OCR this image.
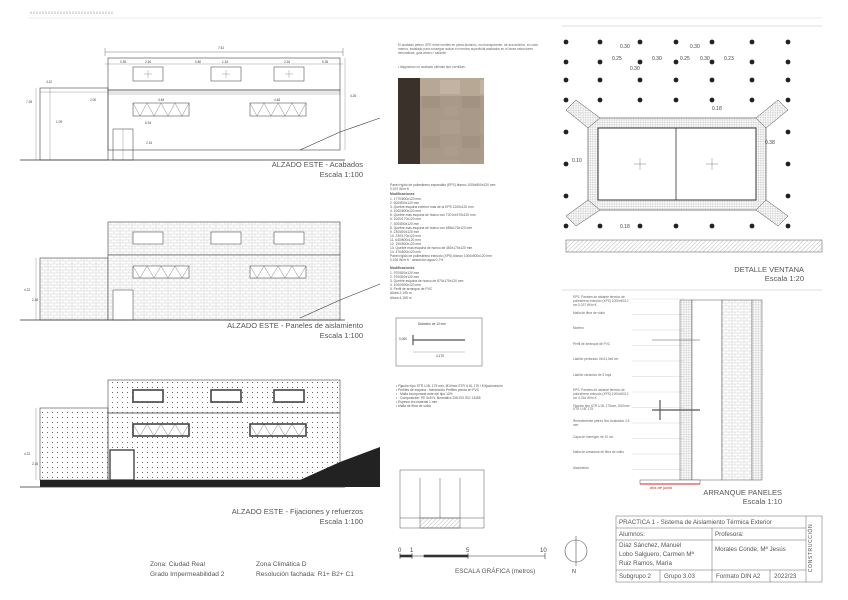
0 0 0 0 0 0 0 0 0 0 0 0 0 0 0 0 0 0 0 0 0 0 0 0 0 0 0 0
7.61
0.35	2.16	0.80	1.34	2.16	0.35
4.22
2.00
7.28
1.09
4.48	4.48
6.34
2.15
4.26
4.22
2.16
4.22
2.16
ALZADO ESTE - Acabados
Escala 1:100
ALZADO ESTE - Paneles de aislamiento
Escala 1:100
ALZADO ESTE - Fijaciones y refuerzos
Escala 1:100
Zona: Ciudad Real
Grado Impermeabilidad 2
Zona Climática D
Resolución fachada: R1+ B2+ C1
El acabado pétreo GPE entre nenfies en pieza aluminio, mol transparente, de aca anterior, en color marrus, instalado para conseguir actuar en nenhns superficial acabados en el lanes estructures decorativas, guía ahorro / saliente
• Asignamos un acabado ultimato tipo nornillorn.
Panel rígido de poliestireno expandido (EPS) blanco 1000x500x120 mm
0,037 W/m·K
Modificaciones
1. 1770/800x120 mm
2. 600/800x120 mm
3. Quebre esquina exterior mas de la EPS 1200x120 mm
4. 1000/800x120 mm
5. Quebre mas esquina de hueco con 700 kit 670x120 mm
6. 1000/170x120 mm
7. 300/800x120 mm
8. Quebre mas esquina de hueco con 685x170x120 mm
9. 230/800x120 mm
10. 230/170x120 mm
11. 640/800x120 mm
12. 190/800x120 mm
13. Quebre mas esquina de hueco de 460x170x120 mm
14. 470/800x120 mm
Panel rígido de poliestireno extruido (XPS) blanco 1000x500x120 mm
0,034 W/m·K · absorción agua 0,7%
Modificaciones
1. 970/800x120 mm
2. 970/500x120 mm
3. Quebre esquina de hueco de 870x170x120 mm
4. 1000/500x120 mm
5. Perfil de arranque de PVC
Altura 2,155 m
Altura 4,155 m
Diámetro de 10 mm
0,060
0.175
• Fijación tipo STR U 8L 175 mm, Ø10mm STR U 8L 175 / 8 fijaciones/m²
• Perfiles de esquina - fabricación Perfiles pelota en PVC
• · Malla incorporada ante del tipo 10%
• · Composición: PE 5x5 N, Normativo DIN EN ISO 13455
• Espesor tec.material 1 mm
• Malla de fibra de vidrio
0 1	5	10
ESCALA GRÁFICA (metros)	N
0.30	0.30
0.25	0.30	0.25 0.30	0.23
0.30
0.18
0.10
0.38
0.18
DETALLE VENTANA
Escala 1:20
EPS. Paneles de aislante térmico de poliestireno extruido (XPS) 1000x50/12 cm 0,037 W/m·K
Malla de fibra de vidrio
Mortero
Perfil de arranque de PVC
Ladrillo perforado 24x11,5x6 cm
Ladrillo cerámico de 3 hoja
EPS. Paneles de aislante térmico de poliestireno extruido (XPS) 1000x50/12 cm 0,034 W/m·K
Fijación tipo STR U 8L 175mm, Ø10mm STR U 8L 175
Revestimiento pétreo fino Acabados 4,5 mm
Capa de hormigón de 10 cm
Malla de armadura de fibra de vidrio
Alzamiento
dos de junta
ARRANQUE PANELES
Escala 1:10
PRACTICA 1 - Sistema de Aislamiento Térmica Exterior
Alumnos:	Profesora:
Díaz Sánchez, Manuel
Lobo Salguero, Carmen Mª
Ruiz Ramos, María
Morales Conde, Mª Jesús
Subgrupo 2 Grupo 3.03	Formato DIN A2 2022/23
CONSTRUCCIÓN
